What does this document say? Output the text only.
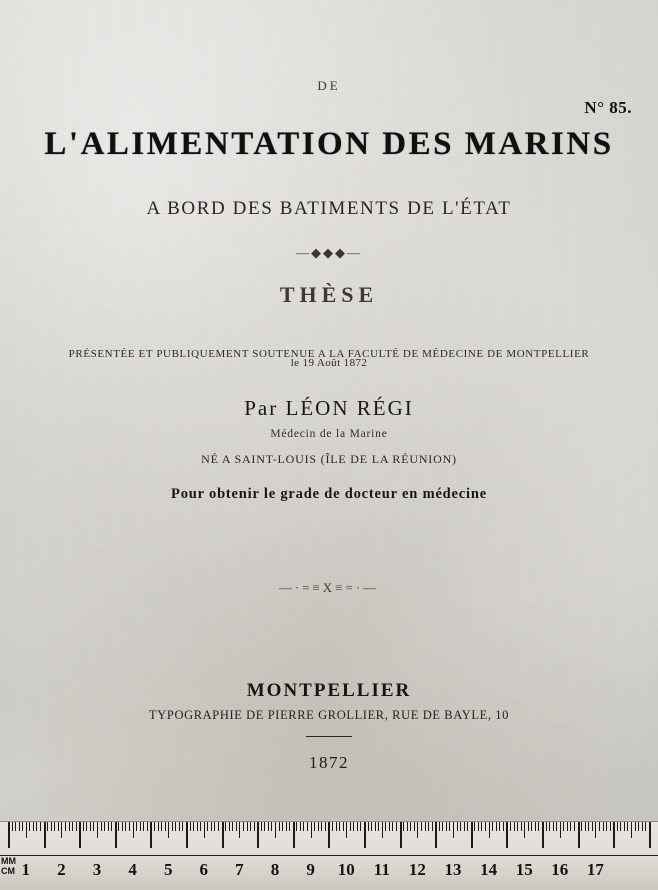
DE
N° 85.
L'ALIMENTATION DES MARINS
A BORD DES BATIMENTS DE L'ÉTAT
—◆◆◆—
THÈSE
PRÉSENTÉE ET PUBLIQUEMENT SOUTENUE A LA FACULTÉ DE MÉDECINE DE MONTPELLIER
le 19 Août 1872
Par LÉON RÉGI
Médecin de la Marine
NÉ A SAINT-LOUIS (ÎLE DE LA RÉUNION)
Pour obtenir le grade de docteur en médecine
—·=≡X≡=·—
MONTPELLIER
TYPOGRAPHIE DE PIERRE GROLLIER, RUE DE BAYLE, 10
1872
MM
CM 1 2 3 4 5 6 7 8 9 10 11 12 13 14 15 16 17
